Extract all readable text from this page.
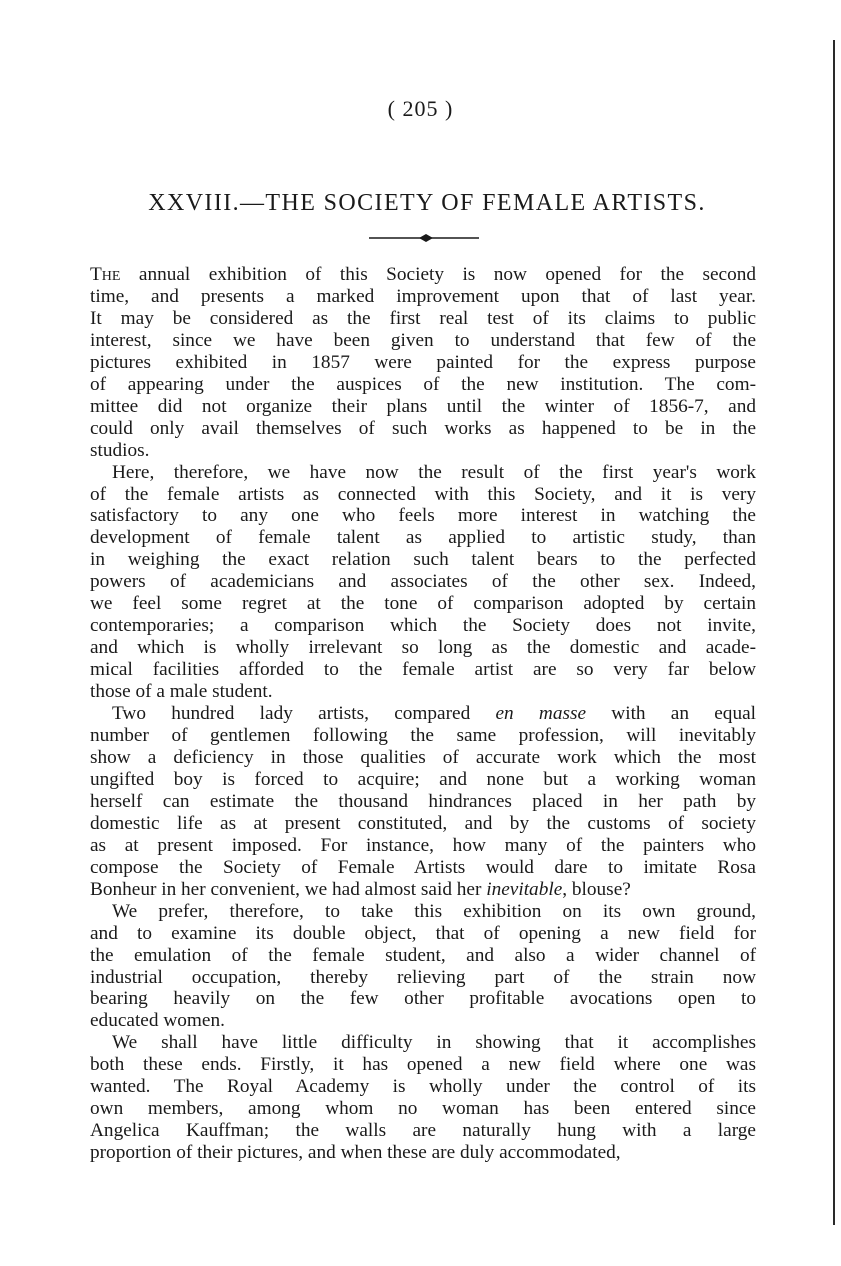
( 205 )
XXVIII.—THE SOCIETY OF FEMALE ARTISTS.
The annual exhibition of this Society is now opened for the second
time, and presents a marked improvement upon that of last year.
It may be considered as the first real test of its claims to public
interest, since we have been given to understand that few of the
pictures exhibited in 1857 were painted for the express purpose
of appearing under the auspices of the new institution. The com-
mittee did not organize their plans until the winter of 1856-7, and
could only avail themselves of such works as happened to be in the
studios.
Here, therefore, we have now the result of the first year's work
of the female artists as connected with this Society, and it is very
satisfactory to any one who feels more interest in watching the
development of female talent as applied to artistic study, than
in weighing the exact relation such talent bears to the perfected
powers of academicians and associates of the other sex. Indeed,
we feel some regret at the tone of comparison adopted by certain
contemporaries; a comparison which the Society does not invite,
and which is wholly irrelevant so long as the domestic and acade-
mical facilities afforded to the female artist are so very far below
those of a male student.
Two hundred lady artists, compared en masse with an equal
number of gentlemen following the same profession, will inevitably
show a deficiency in those qualities of accurate work which the most
ungifted boy is forced to acquire; and none but a working woman
herself can estimate the thousand hindrances placed in her path by
domestic life as at present constituted, and by the customs of society
as at present imposed. For instance, how many of the painters who
compose the Society of Female Artists would dare to imitate Rosa
Bonheur in her convenient, we had almost said her inevitable, blouse?
We prefer, therefore, to take this exhibition on its own ground,
and to examine its double object, that of opening a new field for
the emulation of the female student, and also a wider channel of
industrial occupation, thereby relieving part of the strain now
bearing heavily on the few other profitable avocations open to
educated women.
We shall have little difficulty in showing that it accomplishes
both these ends. Firstly, it has opened a new field where one was
wanted. The Royal Academy is wholly under the control of its
own members, among whom no woman has been entered since
Angelica Kauffman; the walls are naturally hung with a large
proportion of their pictures, and when these are duly accommodated,
